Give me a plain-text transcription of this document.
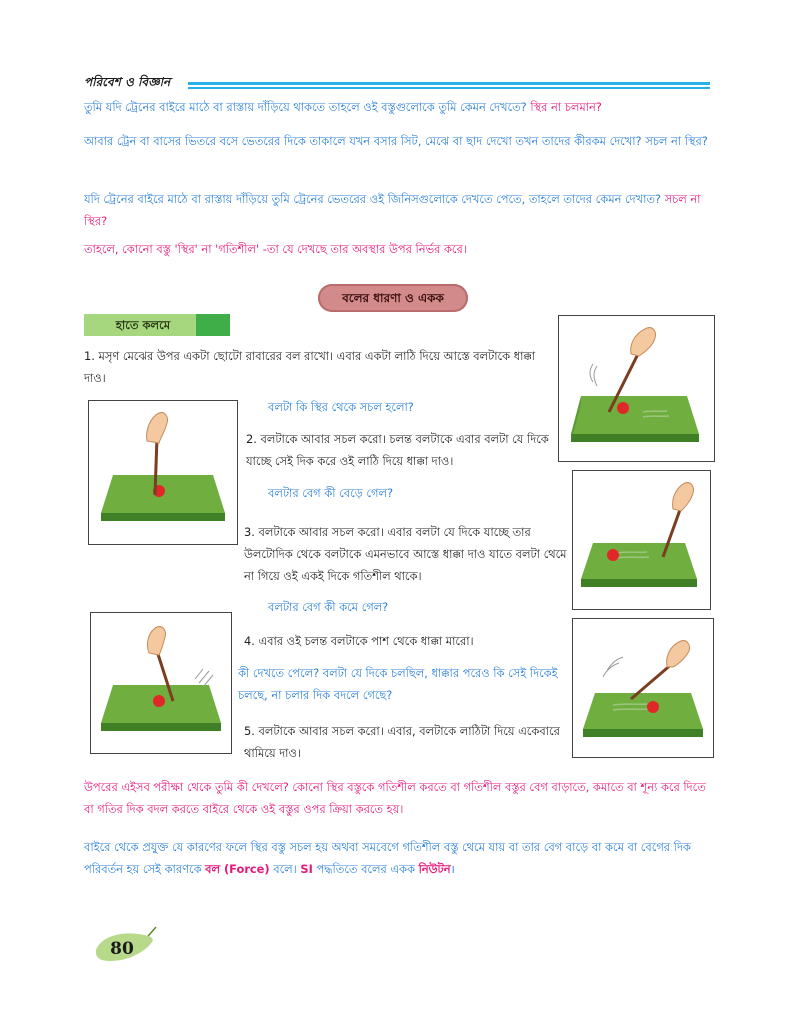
পরিবেশ ও বিজ্ঞান
তুমি যদি ট্রেনের বাইরে মাঠে বা রাস্তায় দাঁড়িয়ে থাকতে তাহলে ওই বস্তুগুলোকে তুমি কেমন দেখতে? স্থির না চলমান?
আবার ট্রেন বা বাসের ভিতরে বসে ভেতরের দিকে তাকালে যখন বসার সিট, মেঝে বা ছাদ দেখো তখন তাদের কীরকম দেখো? সচল না স্থির?
যদি ট্রেনের বাইরে মাঠে বা রাস্তায় দাঁড়িয়ে তুমি ট্রেনের ভেতরের ওই জিনিসগুলোকে দেখতে পেতে, তাহলে তাদের কেমন দেখাত? সচল না স্থির?
তাহলে, কোনো বস্তু 'স্থির' না 'গতিশীল' -তা যে দেখছে তার অবস্থার উপর নির্ভর করে।
বলের ধারণা ও একক
হাতে কলমে
1. মসৃণ মেঝের উপর একটা ছোটো রাবারের বল রাখো। এবার একটা লাঠি দিয়ে আস্তে বলটাকে ধাক্কা দাও।
বলটা কি স্থির থেকে সচল হলো?
2. বলটাকে আবার সচল করো। চলন্ত বলটাকে এবার বলটা যে দিকে যাচ্ছে সেই দিক করে ওই লাঠি দিয়ে ধাক্কা দাও।
বলটার বেগ কী বেড়ে গেল?
3. বলটাকে আবার সচল করো। এবার বলটা যে দিকে যাচ্ছে তার উলটোদিক থেকে বলটাকে এমনভাবে আস্তে ধাক্কা দাও যাতে বলটা থেমে না গিয়ে ওই একই দিকে গতিশীল থাকে।
বলটার বেগ কী কমে গেল?
4. এবার ওই চলন্ত বলটাকে পাশ থেকে ধাক্কা মারো।
কী দেখতে পেলে? বলটা যে দিকে চলছিল, ধাক্কার পরেও কি সেই দিকেই চলছে, না চলার দিক বদলে গেছে?
5. বলটাকে আবার সচল করো। এবার, বলটাকে লাঠিটা দিয়ে একেবারে থামিয়ে দাও।
উপরের এইসব পরীক্ষা থেকে তুমি কী দেখলে? কোনো স্থির বস্তুকে গতিশীল করতে বা গতিশীল বস্তুর বেগ বাড়াতে, কমাতে বা শূন্য করে দিতে বা গতির দিক বদল করতে বাইরে থেকে ওই বস্তুর ওপর ক্রিয়া করতে হয়।
বাইরে থেকে প্রযুক্ত যে কারণের ফলে স্থির বস্তু সচল হয় অথবা সমবেগে গতিশীল বস্তু থেমে যায় বা তার বেগ বাড়ে বা কমে বা বেগের দিক পরিবর্তন হয় সেই কারণকে বল (Force) বলে। SI পদ্ধতিতে বলের একক নিউটন।
80
